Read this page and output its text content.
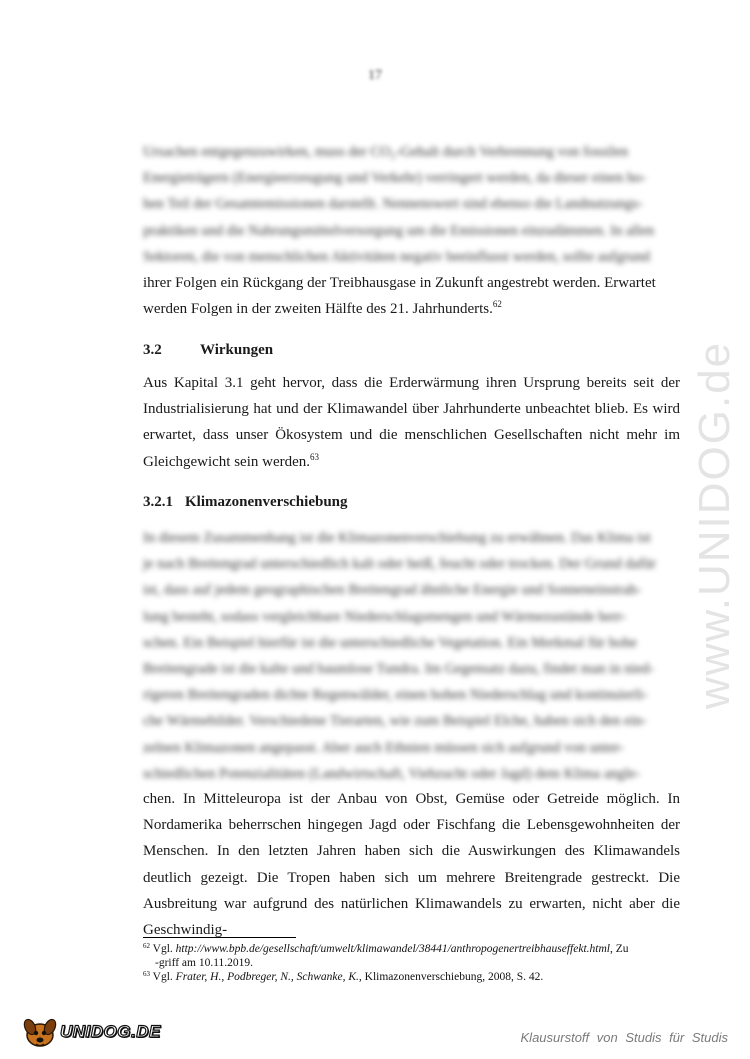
17
www.UNIDOG.de

Ursachen entgegenzuwirken, muss der CO₂-Gehalt durch Verbrennung von fossilen

Energieträgern (Energieerzeugung und Verkehr) verringert werden, da dieser einen ho-

hen Teil der Gesamtemissionen darstellt. Nennenswert sind ebenso die Landnutzungs-

praktiken und die Nahrungsmittelversorgung um die Emissionen einzudämmen. In allen

Sektoren, die von menschlichen Aktivitäten negativ beeinflusst werden, sollte aufgrund

ihrer Folgen ein Rückgang der Treibhausgase in Zukunft angestrebt werden. Erwartet

werden Folgen in der zweiten Hälfte des 21. Jahrhunderts.$^{62}$

3.2	Wirkungen

Aus Kapital 3.1 geht hervor, dass die Erderwärmung ihren Ursprung bereits seit der Industrialisierung hat und der Klimawandel über Jahrhunderte unbeachtet blieb. Es wird erwartet, dass unser Ökosystem und die menschlichen Gesellschaften nicht mehr im Gleichgewicht sein werden.$^{63}$

3.2.1 Klimazonenverschiebung

In diesem Zusammenhang ist die Klimazonenverschiebung zu erwähnen. Das Klima ist

je nach Breitengrad unterschiedlich kalt oder heiß, feucht oder trocken. Der Grund dafür

ist, dass auf jedem geographischen Breitengrad ähnliche Energie und Sonneneinstrah-

lung besteht, sodass vergleichbare Niederschlagsmengen und Wärmezustände herr-

schen. Ein Beispiel hierfür ist die unterschiedliche Vegetation. Ein Merkmal für hohe

Breitengrade ist die kalte und baumlose Tundra. Im Gegensatz dazu, findet man in nied-

rigeren Breitengraden dichte Regenwälder, einen hohen Niederschlag und kontinuierli-

che Wärmebilder. Verschiedene Tierarten, wie zum Beispiel Elche, haben sich den ein-

zelnen Klimazonen angepasst. Aber auch Ethnien müssen sich aufgrund von unter-

schiedlichen Potenzialitäten (Landwirtschaft, Viehzucht oder Jagd) dem Klima angle-

chen. In Mitteleuropa ist der Anbau von Obst, Gemüse oder Getreide möglich. In Nordamerika beherrschen hingegen Jagd oder Fischfang die Lebensgewohnheiten der Menschen. In den letzten Jahren haben sich die Auswirkungen des Klimawandels deutlich gezeigt. Die Tropen haben sich um mehrere Breitengrade gestreckt. Die Ausbreitung war aufgrund des natürlichen Klimawandels zu erwarten, nicht aber die Geschwindig-

$^{62}$ Vgl. http://www.bpb.de/gesellschaft/umwelt/klimawandel/38441/anthropogenertreibhauseffekt.html, Zu

-griff am 10.11.2019.

$^{63}$ Vgl. Frater, H., Podbreger, N., Schwanke, K., Klimazonenverschiebung, 2008, S. 42.

UNIDOG.DE	Klausurstoff von Studis für Studis
